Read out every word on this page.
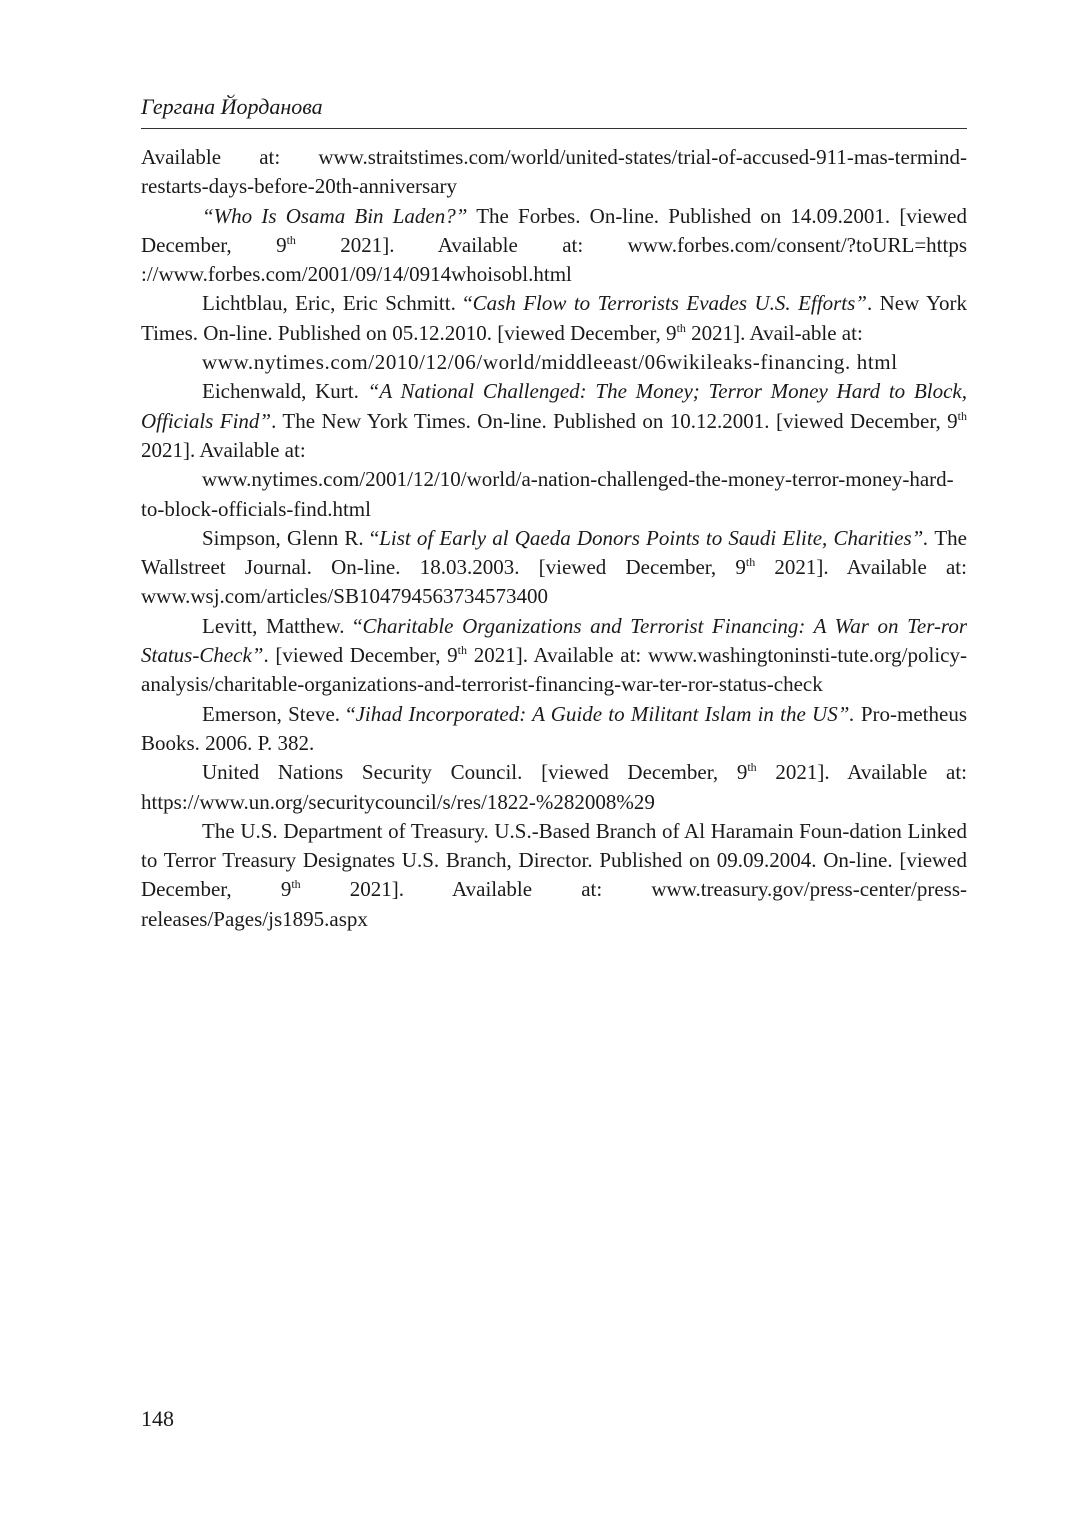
Гергана Йорданова

Available at: www.straitstimes.com/world/united-states/trial-of-accused-911-mas-termind-restarts-days-before-20th-anniversary

“Who Is Osama Bin Laden?” The Forbes. On-line. Published on 14.09.2001. [viewed December, 9th 2021]. Available at: www.forbes.com/consent/?toURL=https ://www.forbes.com/2001/09/14/0914whoisobl.html

Lichtblau, Eric, Eric Schmitt. “Cash Flow to Terrorists Evades U.S. Efforts”. New York Times. On-line. Published on 05.12.2010. [viewed December, 9th 2021]. Avail-able at:

www.nytimes.com/2010/12/06/world/middleeast/06wikileaks-financing. html

Eichenwald, Kurt. “A National Challenged: The Money; Terror Money Hard to Block, Officials Find”. The New York Times. On-line. Published on 10.12.2001. [viewed December, 9th 2021]. Available at:

www.nytimes.com/2001/12/10/world/a-nation-challenged-the-money-terror-money-hard-to-block-officials-find.html

Simpson, Glenn R. “List of Early al Qaeda Donors Points to Saudi Elite, Charities”. The Wallstreet Journal. On-line. 18.03.2003. [viewed December, 9th 2021]. Available at: www.wsj.com/articles/SB104794563734573400

Levitt, Matthew. “Charitable Organizations and Terrorist Financing: A War on Ter-ror Status-Check”. [viewed December, 9th 2021]. Available at: www.washingtoninsti-tute.org/policy-analysis/charitable-organizations-and-terrorist-financing-war-ter-ror-status-check

Emerson, Steve. “Jihad Incorporated: A Guide to Militant Islam in the US”. Pro-metheus Books. 2006. P. 382.

United Nations Security Council. [viewed December, 9th 2021]. Available at: https://www.un.org/securitycouncil/s/res/1822-%282008%29

The U.S. Department of Treasury. U.S.-Based Branch of Al Haramain Foun-dation Linked to Terror Treasury Designates U.S. Branch, Director. Published on 09.09.2004. On-line. [viewed December, 9th 2021]. Available at: www.treasury.gov/press-center/press-releases/Pages/js1895.aspx

148
